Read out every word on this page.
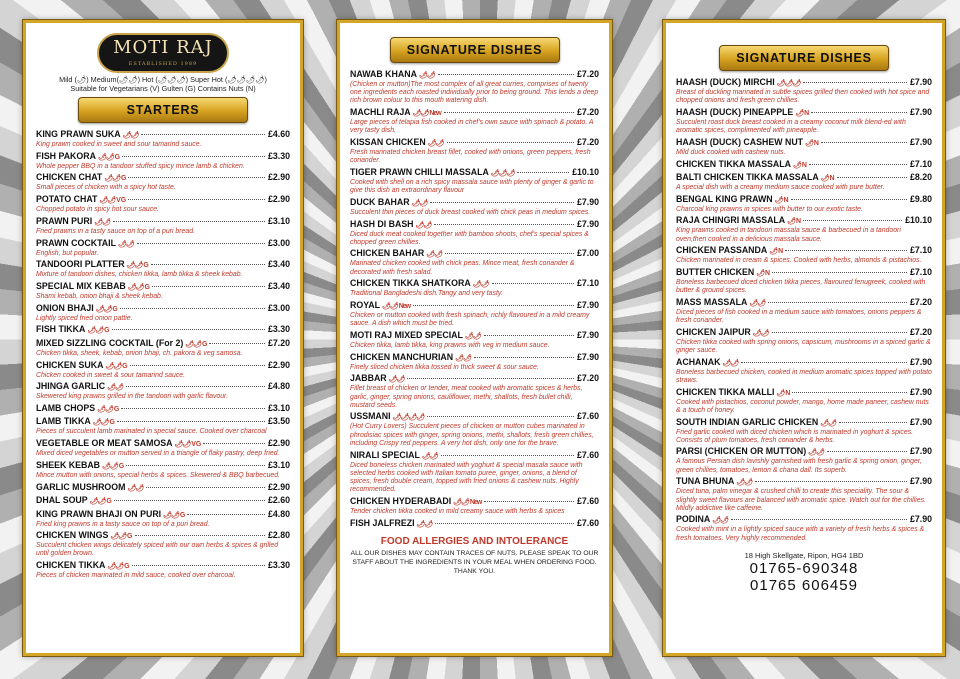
MOTI RAJ
ESTABLISHED 1989
Mild (🌶) Medium(🌶🌶) Hot (🌶🌶🌶) Super Hot (🌶🌶🌶🌶)
Suitable for Vegetarians (V) Gulten (G) Contains Nuts (N)
STARTERS
KING PRAWN SUKA 🌶🌶	£4.60
King prawn cooked in sweet and sour tamarind sauce.
FISH PAKORA 🌶🌶 G	£3.30
Whole pepper BBQ in a tandoor stuffed spicy mince lamb & chicken.
CHICKEN CHAT 🌶🌶 G	£2.90
Small pieces of chicken with a spicy hot taste.
POTATO CHAT 🌶🌶 V G	£2.90
Chopped potato in spicy hot sour sauce.
PRAWN PURI 🌶🌶	£3.10
Fried prawns in a tasty sauce on top of a puri bread.
PRAWN COCKTAIL 🌶🌶	£3.00
English, but popular.
TANDOORI PLATTER 🌶🌶 G	£3.40
Mixture of tandoori dishes, chicken tikka, lamb tikka & sheek kebab.
SPECIAL MIX KEBAB 🌶🌶 G	£3.40
Shami kebab, onion bhaji & sheek kebab.
ONION BHAJI 🌶🌶 G	£3.00
Lightly spiced fried onion pattie.
FISH TIKKA 🌶🌶 G	£3.30
MIXED SIZZLING COCKTAIL (For 2) 🌶🌶 G	£7.20
Chicken tikka, sheek, kebab, onion bhaji, ch. pakora & veg samosa.
CHICKEN SUKA 🌶🌶 G	£2.90
Chicken cooked in sweet & sour tamarind sauce.
JHINGA GARLIC 🌶🌶	£4.80
Skewered king prawns grilled in the tandoori with garlic flavour.
LAMB CHOPS 🌶🌶 G	£3.10
LAMB TIKKA 🌶🌶 G	£3.50
Pieces of succulent lamb marinated in special sauce. Cooked over charcoal
VEGETABLE OR MEAT SAMOSA 🌶🌶 V G	£2.90
Mixed diced vegetables or mutton served in a triangle of flaky pastry, deep fried.
SHEEK KEBAB 🌶🌶 G	£3.10
Mince mutton with onions, special herbs & spices. Skewered & BBQ barbecued.
GARLIC MUSHROOM 🌶🌶	£2.90
DHAL SOUP 🌶🌶 G	£2.60
KING PRAWN BHAJI ON PURI 🌶🌶 G	£4.80
Fried king prawns in a tasty sauce on top of a puri bread.
CHICKEN WINGS 🌶🌶 G	£2.80
Succulent chicken wings delicately spiced with our own herbs & spices & grilled until golden brown.
CHICKEN TIKKA 🌶🌶 G	£3.30
Pieces of chicken marinated in mild sauce, cooked over charcoal.
SIGNATURE DISHES
NAWAB KHANA 🌶🌶	£7.20
(Chicken or mutton)The most complex of all great curries, comprises of twenty one ingredients each roasted individually prior to being ground. This lends a deep rich brown colour to this mouth watering dish.
MACHLI RAJA 🌶🌶 New	£7.20
Large pieces of telapia fish cooked in chef's own sauce with spinach & potato. A very tasty dish.
KISSAN CHICKEN 🌶🌶	£7.20
Fresh marinated chicken breast fillet, cooked with onions, green peppers, fresh coriander.
TIGER PRAWN CHILLI MASSALA 🌶🌶🌶	£10.10
Cooked with shell on a rich spicy massala sauce with plenty of ginger & garlic to give this dish an extraordinary flavour
DUCK BAHAR 🌶🌶	£7.90
Succulent thin pieces of duck breast cooked with chick peas in medium spices.
HASH DI BASH 🌶🌶	£7.90
Diced duck meat cooked together with bamboo shoots, chef's special spices & chopped green chillies.
CHICKEN BAHAR 🌶🌶	£7.00
Marinated chicken cooked with chick peas. Mince meat, fresh coriander & decorated with fresh salad.
CHICKEN TIKKA SHATKORA 🌶🌶	£7.10
Traditional Bangladeshi dish.Tangy and very tasty.
ROYAL 🌶🌶 New	£7.90
Chicken or mutton cooked with fresh spinach, richly flavoured in a mild creamy sauce. A dish which must be tried.
MOTI RAJ MIXED SPECIAL 🌶🌶	£7.90
Chicken tikka, lamb tikka, king prawns with veg in medium sauce.
CHICKEN MANCHURIAN 🌶🌶	£7.90
Finely sliced chicken tikka tossed in thick sweet & sour sauce.
JABBAR 🌶🌶	£7.20
Fillet breast of chicken or tender, meat cooked with aromatic spices & herbs, garlic, ginger, spring onions, cauliflower, methi, shallots, fresh bullet chilli, mustard seeds.
USSMANI 🌶🌶🌶🌶	£7.60
(Hot Curry Lovers) Succulent pieces of chicken or mutton cubes marinated in phrodisiac spices with ginger, spring onions, methi, shallots, fresh green chillies, including Crispy red peppers. A very hot dish, only one for the brave.
NIRALI SPECIAL 🌶🌶	£7.60
Diced boneless chicken marinated with yoghurt & special masala sauce with selected herbs cooked with Italian tomato puree, ginger, onions, a blend of spices, fresh double cream, topped with fried onions & cashew nuts. Highly recommended.
CHICKEN HYDERABADI 🌶🌶 New	£7.60
Tender chicken tikka cooked in mild creamy sauce with herbs & spices
FISH JALFREZI 🌶🌶	£7.60
FOOD ALLERGIES AND INTOLERANCE
ALL OUR DISHES MAY CONTAIN TRACES OF NUTS. PLEASE SPEAK TO OUR STAFF ABOUT THE INGREDIENTS IN YOUR MEAL WHEN ORDERING FOOD. THANK YOU.
SIGNATURE DISHES
HAASH (DUCK) MIRCHI 🌶🌶🌶	£7.90
Breast of duckling marinated in subtle spices grilled then cooked with hot spice and chopped onions and fresh green chillies.
HAASH (DUCK) PINEAPPLE 🌶 N	£7.90
Succulent roast duck breast cooked in a creamy coconut milk blend-ed with aromatic spices, complimented with pineapple.
HAASH (DUCK) CASHEW NUT 🌶 N	£7.90
Mild duck cooked with cashew nuts.
CHICKEN TIKKA MASSALA 🌶 N	£7.10
BALTI CHICKEN TIKKA MASSALA 🌶 N	£8.20
A special dish with a creamy medium sauce cooked with pure butter.
BENGAL KING PRAWN 🌶 N	£9.80
Charcoal king prawns in spices with butter to our exotic taste.
RAJA CHINGRI MASSALA 🌶 N	£10.10
King prawns cooked in tandoori massala sauce & barbecued in a tandoori oven,then cooked in a delicious massala sauce.
CHICKEN PASSANDA 🌶 N	£7.10
Chicken marinated in cream & spices. Cooked with herbs, almonds & pistachios.
BUTTER CHICKEN 🌶 N	£7.10
Boneless barbecued diced chicken tikka pieces, flavoured fenugreek, cooked with butter & ground spices.
MASS MASSALA 🌶🌶	£7.20
Diced pieces of fish cooked in a medium sauce with tomatoes, onions peppers & fresh coriander.
CHICKEN JAIPUR 🌶🌶	£7.20
Chicken tikka cooked with spring onions, capsicum, mushrooms in a spiced garlic & ginger sauce.
ACHANAK 🌶🌶	£7.90
Boneless barbecued chicken, cooked in medium aromatic spices topped with potato straws.
CHICKEN TIKKA MALLI 🌶 N	£7.90
Cooked with pistachios, coconut powder, mango, home made paneer, cashew nuts & a touch of honey.
SOUTH INDIAN GARLIC CHICKEN 🌶🌶	£7.90
Fried garlic cooked with diced chicken which is marinated in yoghurt & spices. Consists of plum tomatoes, fresh coriander & herbs.
PARSI (CHICKEN OR MUTTON) 🌶🌶	£7.90
A famous Persian dish lavishly garnished with fresh garlic & spring onion, ginger, green chillies, tomatoes, lemon & chana dall. Its superb.
TUNA BHUNA 🌶🌶	£7.90
Diced tuna, palm vinegar & crushed chilli to create this speciality. The sour & slightly sweet flavours are balanced with aromatic spice. Watch out for the chillies. Mildly addictive like caffeine.
PODINA 🌶🌶	£7.90
Cooked with mint in a lightly spiced sauce with a variety of fresh herbs & spices & fresh tomatoes. Very highly recommended.
18 High Skellgate, Ripon, HG4 1BD
01765-690348
01765 606459
